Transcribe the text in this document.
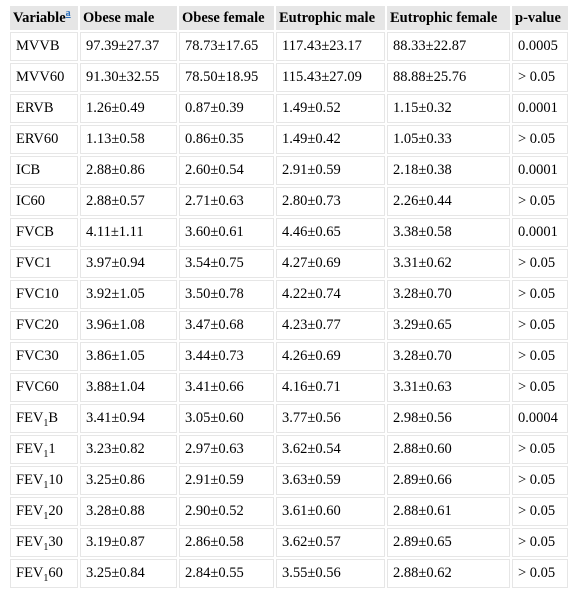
Variable$^a$	Obese male	Obese female	Eutrophic male	Eutrophic female	p-value
MVVB	97.39±27.37	78.73±17.65	117.43±23.17	88.33±22.87	0.0005
MVV60	91.30±32.55	78.50±18.95	115.43±27.09	88.88±25.76	> 0.05
ERVB	1.26±0.49	0.87±0.39	1.49±0.52	1.15±0.32	0.0001
ERV60	1.13±0.58	0.86±0.35	1.49±0.42	1.05±0.33	> 0.05
ICB	2.88±0.86	2.60±0.54	2.91±0.59	2.18±0.38	0.0001
IC60	2.88±0.57	2.71±0.63	2.80±0.73	2.26±0.44	> 0.05
FVCB	4.11±1.11	3.60±0.61	4.46±0.65	3.38±0.58	0.0001
FVC1	3.97±0.94	3.54±0.75	4.27±0.69	3.31±0.62	> 0.05
FVC10	3.92±1.05	3.50±0.78	4.22±0.74	3.28±0.70	> 0.05
FVC20	3.96±1.08	3.47±0.68	4.23±0.77	3.29±0.65	> 0.05
FVC30	3.86±1.05	3.44±0.73	4.26±0.69	3.28±0.70	> 0.05
FVC60	3.88±1.04	3.41±0.66	4.16±0.71	3.31±0.63	> 0.05
$FEV_1B$	3.41±0.94	3.05±0.60	3.77±0.56	2.98±0.56	0.0004
$FEV_11$	3.23±0.82	2.97±0.63	3.62±0.54	2.88±0.60	> 0.05
$FEV_110$	3.25±0.86	2.91±0.59	3.63±0.59	2.89±0.66	> 0.05
$FEV_120$	3.28±0.88	2.90±0.52	3.61±0.60	2.88±0.61	> 0.05
$FEV_130$	3.19±0.87	2.86±0.58	3.62±0.57	2.89±0.65	> 0.05
$FEV_160$	3.25±0.84	2.84±0.55	3.55±0.56	2.88±0.62	> 0.05
